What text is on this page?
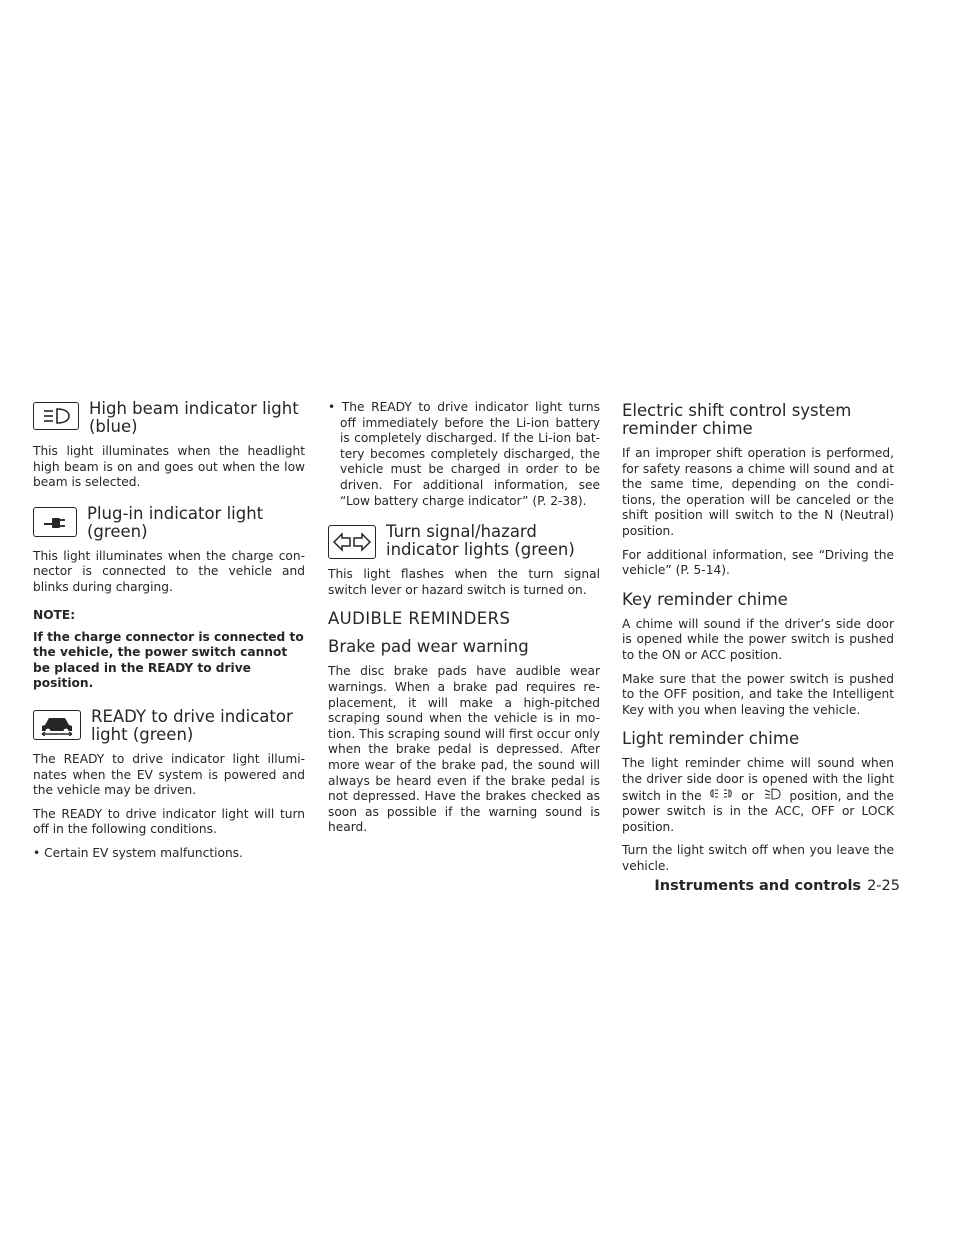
High beam indicator light (blue)

This light illuminates when the headlight high beam is on and goes out when the low beam is selected.

Plug-in indicator light (green)

This light illuminates when the charge con-nector is connected to the vehicle and blinks during charging.

NOTE:

If the charge connector is connected to the vehicle, the power switch cannot be placed in the READY to drive position.

READY to drive indicator light (green)

The READY to drive indicator light illumi-nates when the EV system is powered and the vehicle may be driven.

The READY to drive indicator light will turn off in the following conditions.

• Certain EV system malfunctions.

• The READY to drive indicator light turns off immediately before the Li-ion battery is completely discharged. If the Li-ion bat-tery becomes completely discharged, the vehicle must be charged in order to be driven. For additional information, see “Low battery charge indicator” (P. 2-38).

Turn signal/hazard indicator lights (green)

This light flashes when the turn signal switch lever or hazard switch is turned on.

AUDIBLE REMINDERS
Brake pad wear warning

The disc brake pads have audible wear warnings. When a brake pad requires re-placement, it will make a high-pitched scraping sound when the vehicle is in mo-tion. This scraping sound will first occur only when the brake pedal is depressed. After more wear of the brake pad, the sound will always be heard even if the brake pedal is not depressed. Have the brakes checked as soon as possible if the warning sound is heard.

Electric shift control system reminder chime

If an improper shift operation is performed, for safety reasons a chime will sound and at the same time, depending on the condi-tions, the operation will be canceled or the shift position will switch to the N (Neutral) position.

For additional information, see “Driving the vehicle” (P. 5-14).

Key reminder chime

A chime will sound if the driver’s side door is opened while the power switch is pushed to the ON or ACC position.

Make sure that the power switch is pushed to the OFF position, and take the Intelligent Key with you when leaving the vehicle.

Light reminder chime

The light reminder chime will sound when the driver side door is opened with the light switch in the	or	position, and the power switch is in the ACC, OFF or LOCK position.

Turn the light switch off when you leave the vehicle.

Instruments and controls 2-25
